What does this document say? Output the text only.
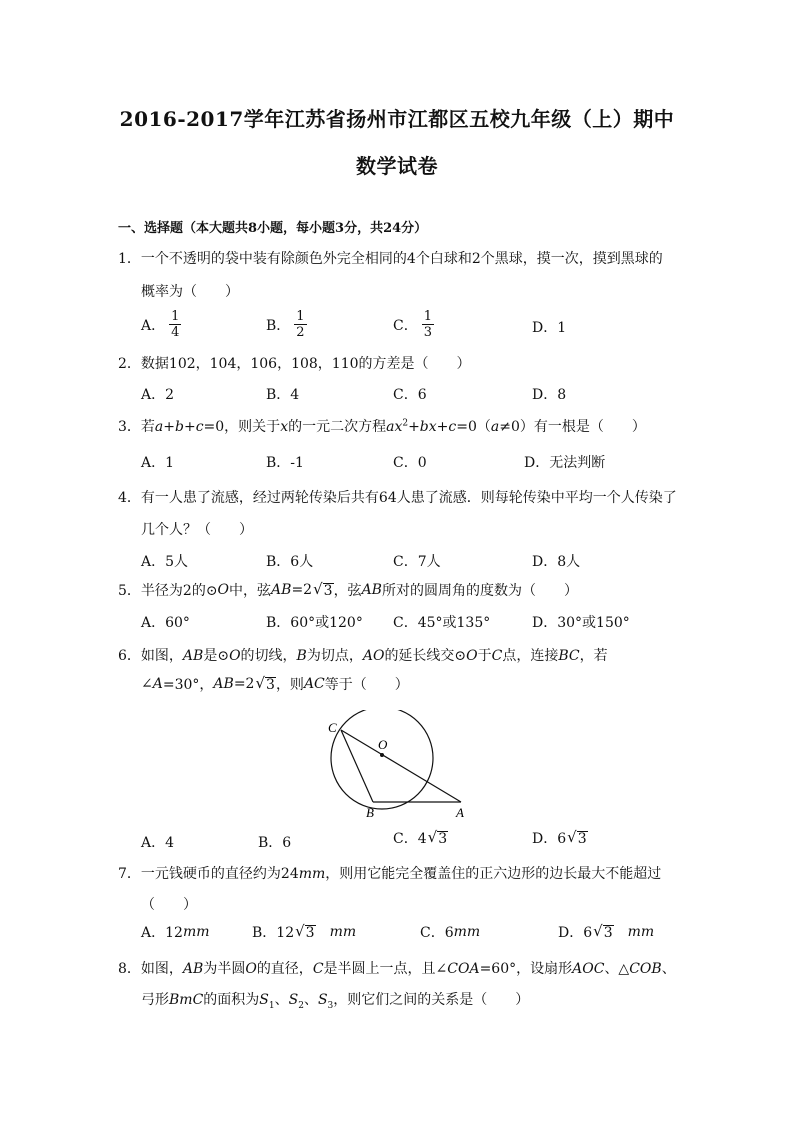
2016-2017学年江苏省扬州市江都区五校九年级（上）期中
数学试卷
一、选择题（本大题共8小题，每小题3分，共24分）
1．一个不透明的袋中装有除颜色外完全相同的4个白球和2个黑球，摸一次，摸到黑球的
概率为（　　）
A． $\frac{1}{4}$	B． $\frac{1}{2}$	C． $\frac{1}{3}$	D．1
2．数据102，104，106，108，110的方差是（　　）
A．2	B．4	C．6	D．8
3．若a+b+c=0，则关于x的一元二次方程$ax^2+bx+c=0(a\ne 0)$有一根是（　　）
A．1	B．-1	C．0	D．无法判断
4．有一人患了流感，经过两轮传染后共有64人患了流感．则每轮传染中平均一个人传染了
几个人？（　　）
A．5人	B．6人	C．7人	D．8人
5．半径为2的⊙ O 中，弦 AB =2 √ 3 ，弦 AB 所对的圆周角的度数为（　　）
A．60°	B．60°或120° C．45°或135°	D．30°或150°
6．如图，AB是⊙O的切线，B为切点，AO的延长线交⊙O于C点，连接BC，若
∠ A =30°， AB =2 √ 3 ，则 AC 等于（　　）
C
O
B	A
A．4	B．6	C．4 √ 3	D．6 √ 3
7．一元钱硬币的直径约为24mm，则用它能完全覆盖住的正六边形的边长最大不能超过
（　　）
A．12 mm	B．12 √ 3 mm	C．6 mm	D．6 √ 3 mm
8．如图，AB为半圆O的直径，C是半圆上一点，且∠COA=60°，设扇形AOC、△COB、
弓形BmC的面积为$S_1$、$S_2$、$S_3$，则它们之间的关系是（　　）
